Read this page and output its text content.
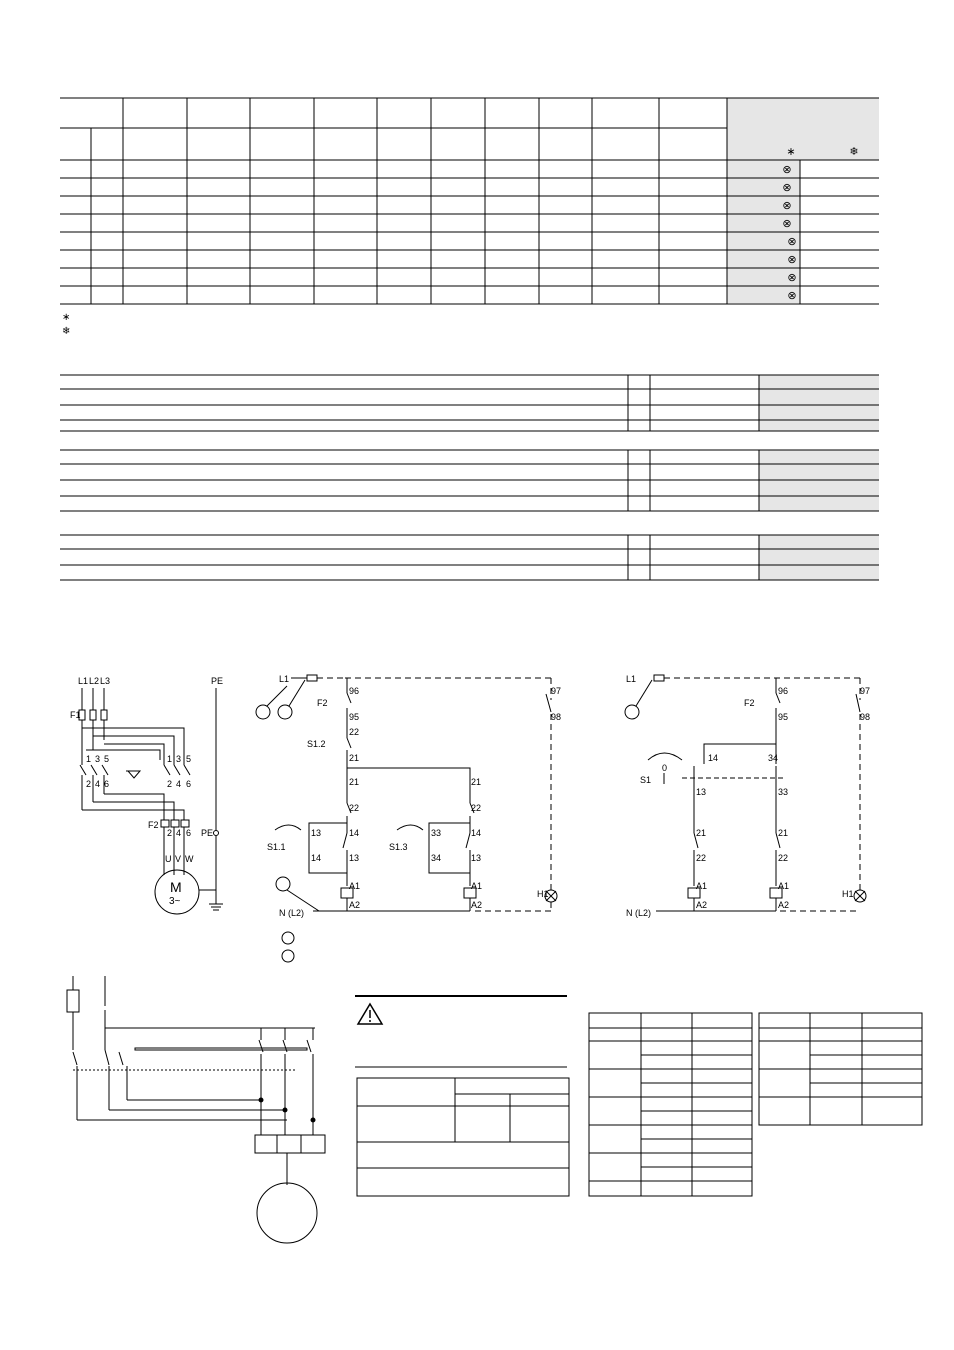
∗	❄
⊗
⊗
⊗
⊗
⊗
⊗
⊗
⊗
∗
❄
L1 L2 L3	PE
F1
F2
PE
1 3 5
2 4 6
1 3 5
2 4 6
2 4 6
U V W
M
3~
L1
F2
96
95
97
98
S1.2
22
21
21
22
21
22
13
14
14
13
S1.1	S1.3
33
34
14
13
A1
A2
A1
A2
H1
N (L2)
L1
F2
96
95
97
98
S1
0
14	34
13	33
21
22
21
22
A1
A2
A1
A2
H1
N (L2)
